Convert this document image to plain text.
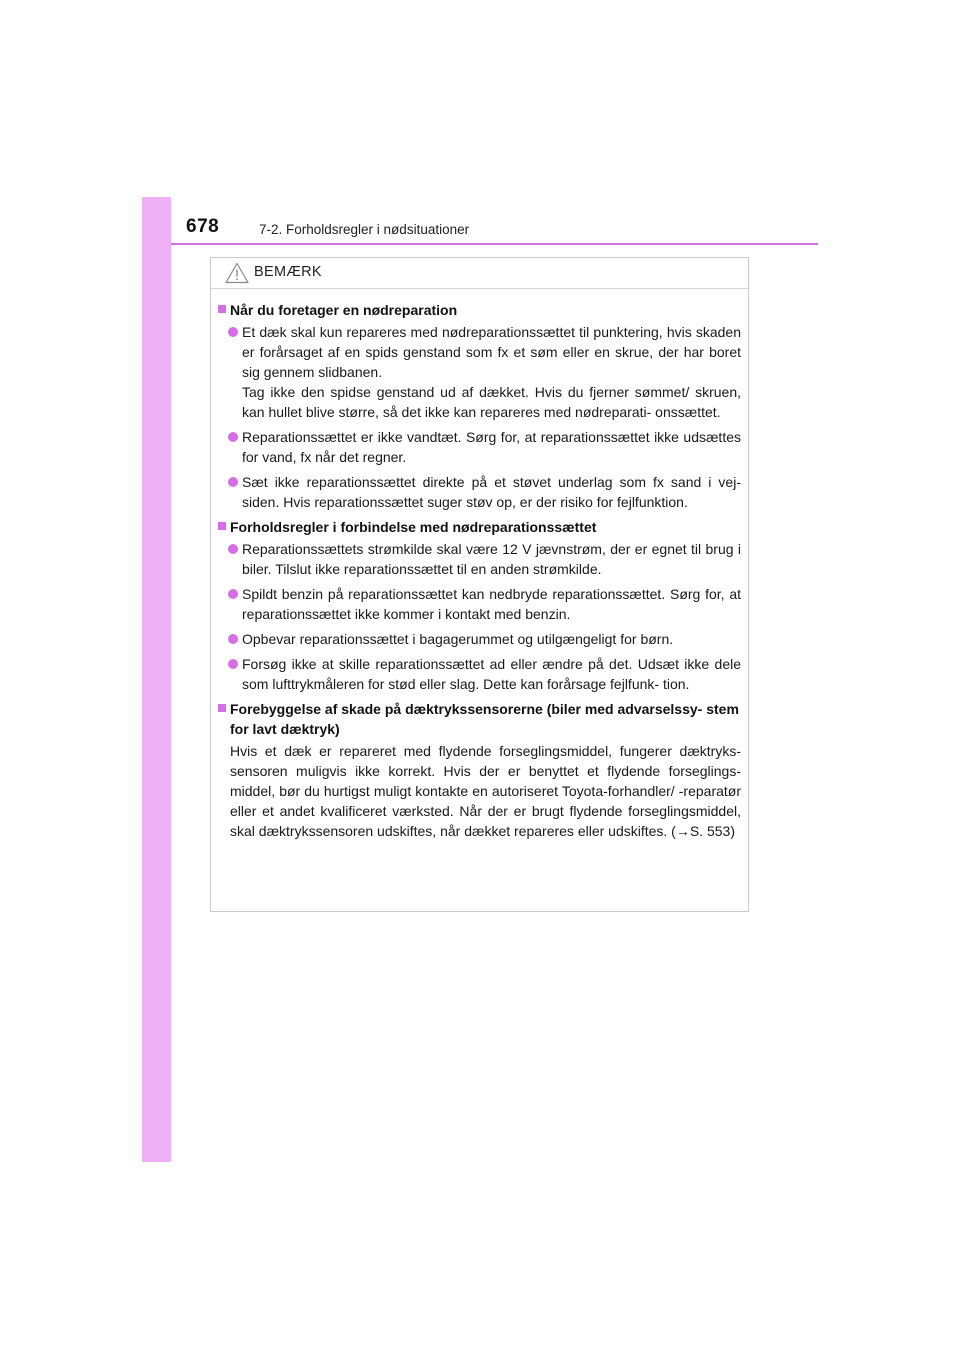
678	7-2. Forholdsregler i nødsituationer
BEMÆRK
Når du foretager en nødreparation
Et dæk skal kun repareres med nødreparationssættet til punktering, hvis skaden er forårsaget af en spids genstand som fx et søm eller en skrue, der har boret sig gennem slidbanen.
Tag ikke den spidse genstand ud af dækket. Hvis du fjerner sømmet/ skruen, kan hullet blive større, så det ikke kan repareres med nødreparati- onssættet.
Reparationssættet er ikke vandtæt. Sørg for, at reparationssættet ikke udsættes for vand, fx når det regner.
Sæt ikke reparationssættet direkte på et støvet underlag som fx sand i vej- siden. Hvis reparationssættet suger støv op, er der risiko for fejlfunktion.
Forholdsregler i forbindelse med nødreparationssættet
Reparationssættets strømkilde skal være 12 V jævnstrøm, der er egnet til brug i biler. Tilslut ikke reparationssættet til en anden strømkilde.
Spildt benzin på reparationssættet kan nedbryde reparationssættet. Sørg for, at reparationssættet ikke kommer i kontakt med benzin.
Opbevar reparationssættet i bagagerummet og utilgængeligt for børn.
Forsøg ikke at skille reparationssættet ad eller ændre på det. Udsæt ikke dele som lufttrykmåleren for stød eller slag. Dette kan forårsage fejlfunk- tion.
Forebyggelse af skade på dæktrykssensorerne (biler med advarselssy- stem for lavt dæktryk)
Hvis et dæk er repareret med flydende forseglingsmiddel, fungerer dæktryks- sensoren muligvis ikke korrekt. Hvis der er benyttet et flydende forseglings- middel, bør du hurtigst muligt kontakte en autoriseret Toyota-forhandler/ -reparatør eller et andet kvalificeret værksted. Når der er brugt flydende forseglingsmiddel, skal dæktrykssensoren udskiftes, når dækket repareres eller udskiftes. (→S. 553)
